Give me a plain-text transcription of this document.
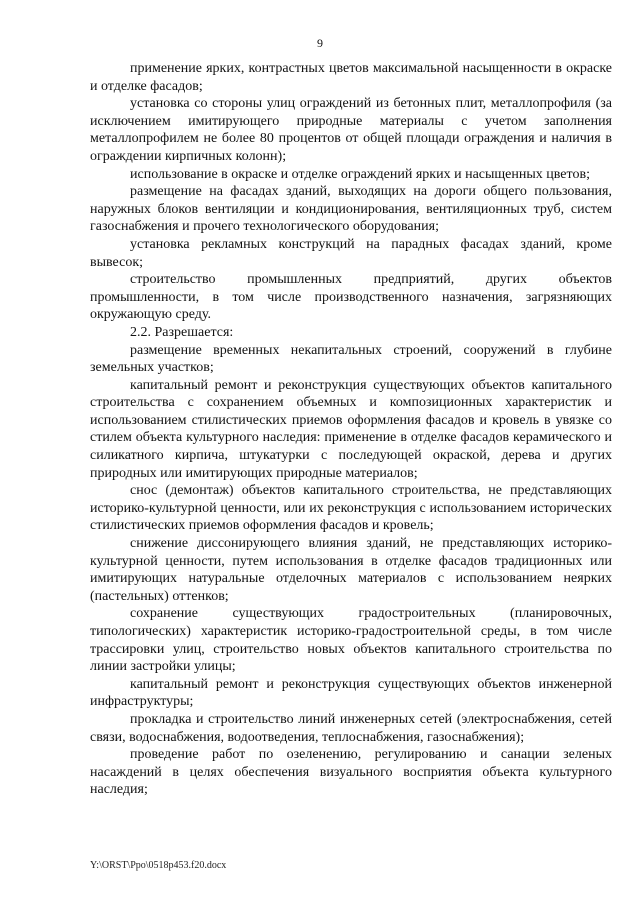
9

применение ярких, контрастных цветов максимальной насыщенности в окраске и отделке фасадов;

установка со стороны улиц ограждений из бетонных плит, металлопрофиля (за исключением имитирующего природные материалы с учетом заполнения металлопрофилем не более 80 процентов от общей площади ограждения и наличия в ограждении кирпичных колонн);

использование в окраске и отделке ограждений ярких и насыщенных цветов;

размещение на фасадах зданий, выходящих на дороги общего пользования, наружных блоков вентиляции и кондиционирования, вентиляционных труб, систем газоснабжения и прочего технологического оборудования;

установка рекламных конструкций на парадных фасадах зданий, кроме вывесок;

строительство промышленных предприятий, других объектов промышленности, в том числе производственного назначения, загрязняющих окружающую среду.

2.2. Разрешается:

размещение временных некапитальных строений, сооружений в глубине земельных участков;

капитальный ремонт и реконструкция существующих объектов капитального строительства с сохранением объемных и композиционных характеристик и использованием стилистических приемов оформления фасадов и кровель в увязке со стилем объекта культурного наследия: применение в отделке фасадов керамического и силикатного кирпича, штукатурки с последующей окраской, дерева и других природных или имитирующих природные материалов;

снос (демонтаж) объектов капитального строительства, не представляющих историко-культурной ценности, или их реконструкция с использованием исторических стилистических приемов оформления фасадов и кровель;

снижение диссонирующего влияния зданий, не представляющих историко-культурной ценности, путем использования в отделке фасадов традиционных или имитирующих натуральные отделочных материалов с использованием неярких (пастельных) оттенков;

сохранение существующих градостроительных (планировочных, типологических) характеристик историко-градостроительной среды, в том числе трассировки улиц, строительство новых объектов капитального строительства по линии застройки улицы;

капитальный ремонт и реконструкция существующих объектов инженерной инфраструктуры;

прокладка и строительство линий инженерных сетей (электроснабжения, сетей связи, водоснабжения, водоотведения, теплоснабжения, газоснабжения);

проведение работ по озеленению, регулированию и санации зеленых насаждений в целях обеспечения визуального восприятия объекта культурного наследия;

Y:\ORST\Ppo\0518p453.f20.docx
